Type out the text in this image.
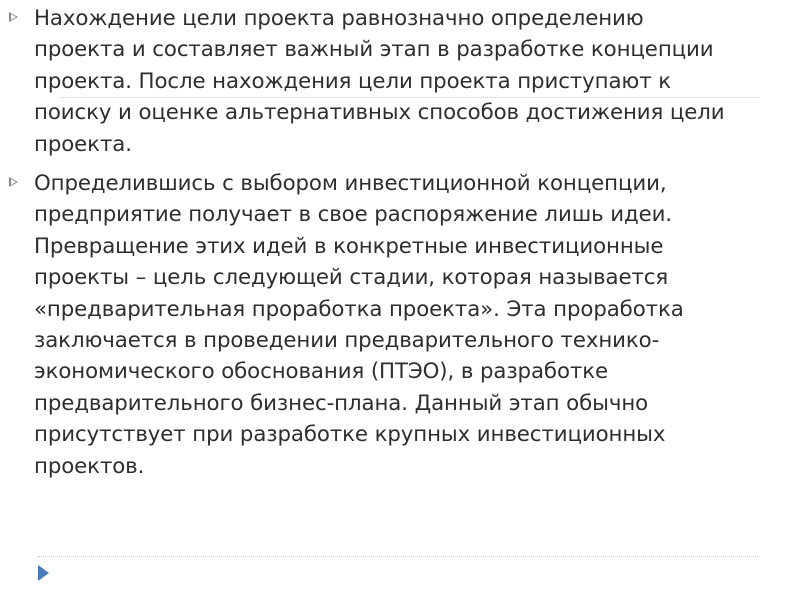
Нахождение цели проекта равнозначно определению
проекта и составляет важный этап в разработке концепции
проекта. После нахождения цели проекта приступают к
поиску и оценке альтернативных способов достижения цели
проекта.
Определившись с выбором инвестиционной концепции,
предприятие получает в свое распоряжение лишь идеи.
Превращение этих идей в конкретные инвестиционные
проекты – цель следующей стадии, которая называется
«предварительная проработка проекта». Эта проработка
заключается в проведении предварительного технико-
экономического обоснования (ПТЭО), в разработке
предварительного бизнес-плана. Данный этап обычно
присутствует при разработке крупных инвестиционных
проектов.
